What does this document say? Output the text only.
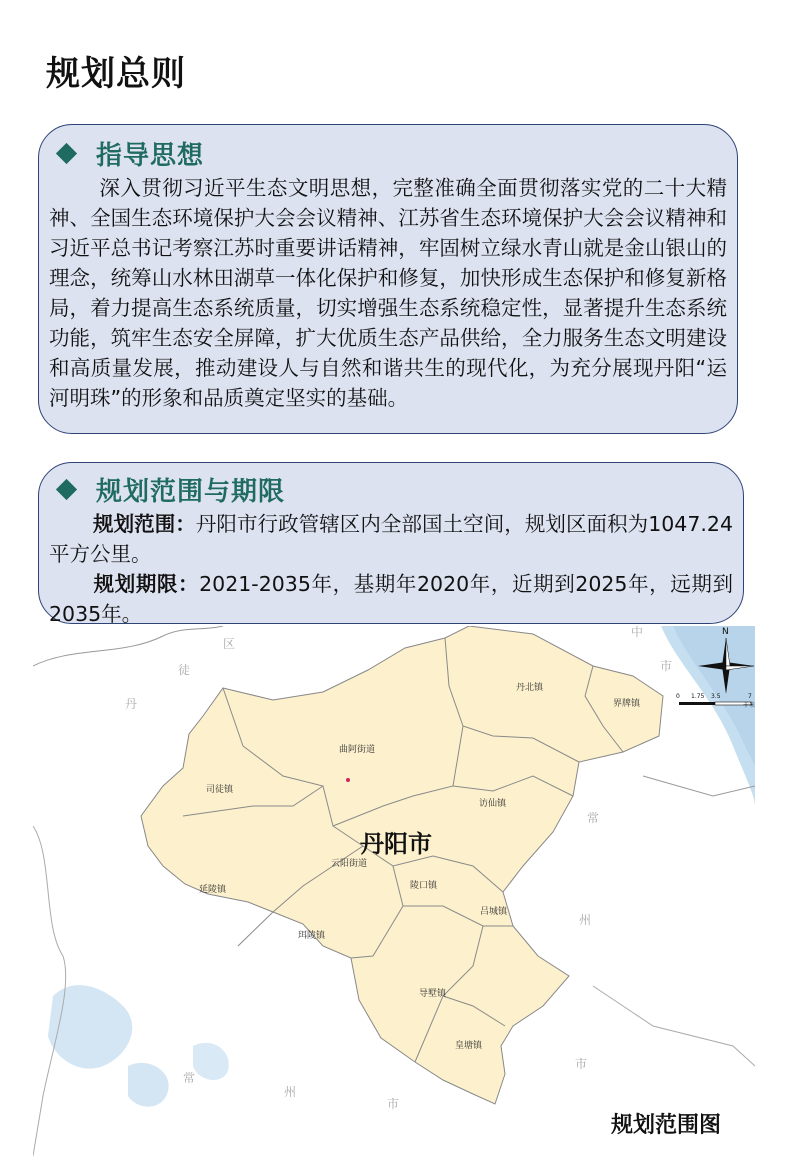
规划总则
指导思想
深入贯彻习近平生态文明思想，完整准确全面贯彻落实党的二十大精神、全国生态环境保护大会会议精神、江苏省生态环境保护大会会议精神和习近平总书记考察江苏时重要讲话精神，牢固树立绿水青山就是金山银山的理念，统筹山水林田湖草一体化保护和修复，加快形成生态保护和修复新格局，着力提高生态系统质量，切实增强生态系统稳定性，显著提升生态系统功能，筑牢生态安全屏障，扩大优质生态产品供给，全力服务生态文明建设和高质量发展，推动建设人与自然和谐共生的现代化，为充分展现丹阳“运河明珠”的形象和品质奠定坚实的基础。
规划范围与期限
规划范围：丹阳市行政管辖区内全部国土空间，规划区面积为1047.24平方公里。
规划期限：2021-2035年，基期年2020年，近期到2025年，远期到2035年。
丹北镇
界牌镇
曲阿街道
司徒镇
访仙镇
云阳街道
陵口镇
延陵镇
吕城镇
珥陵镇
导墅镇
皇塘镇
区
徒
丹
中
市
常
州
常
州
市
市
丹阳市
N
0 1.75 3.5	7
千米
规划范围图
